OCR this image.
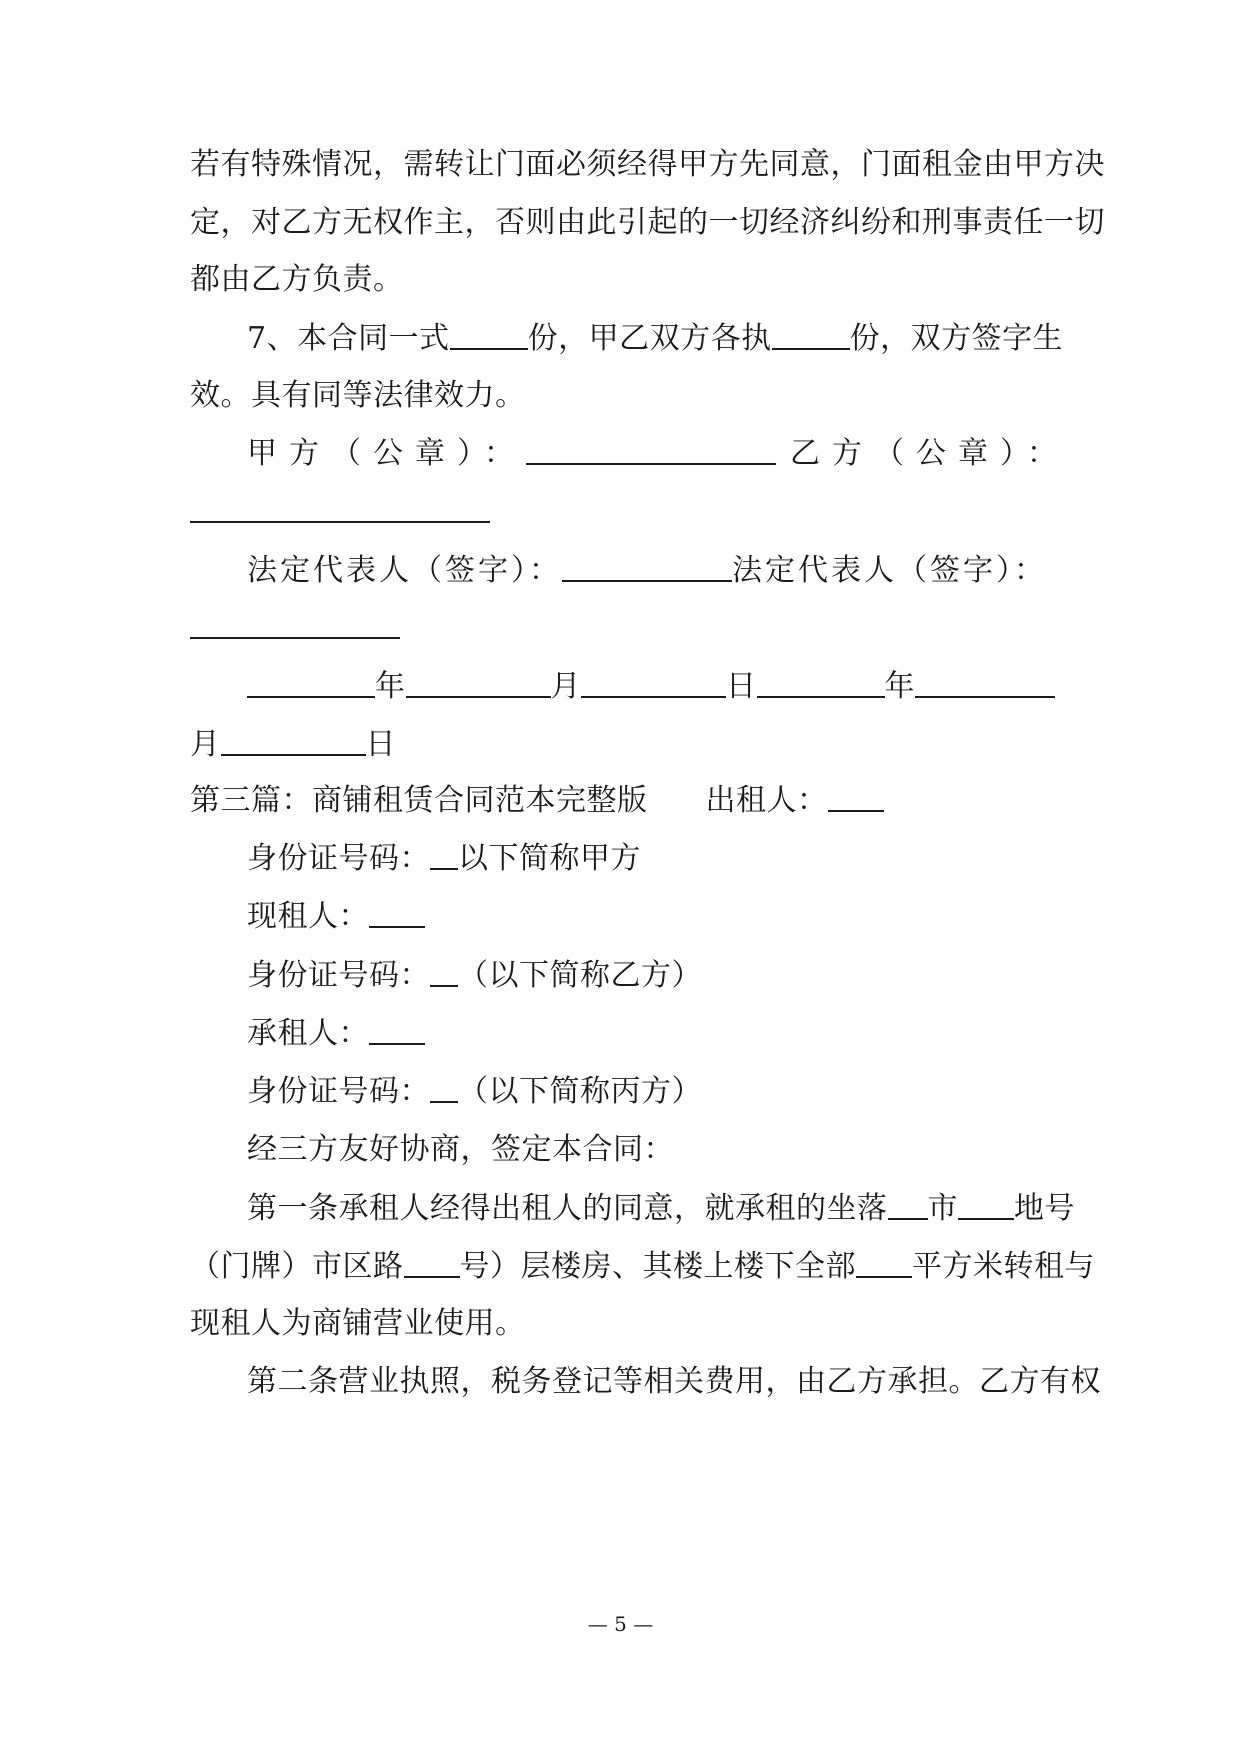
若有特殊情况，需转让门面必须经得甲方先同意，门面租金由甲方决
定，对乙方无权作主，否则由此引起的一切经济纠纷和刑事责任一切
都由乙方负责。
7、本合同一式	份，甲乙双方各执	份，双方签字生
效。具有同等法律效力。
甲方（公章）：	乙方（公章）：
法定代表人（签字）：	法定代表人（签字）：
年	月	日	年
月	日
第三篇：商铺租赁合同范本完整版 出租人：
身份证号码： 以下简称甲方
现租人：
身份证号码： （以下简称乙方）
承租人：
身份证号码： （以下简称丙方）
经三方友好协商，签定本合同：
第一条承租人经得出租人的同意，就承租的坐落 市 地号
（门牌）市区路 号）层楼房、其楼上楼下全部 平方米转租与
现租人为商铺营业使用。
第二条营业执照，税务登记等相关费用，由乙方承担。乙方有权
— 5 —
